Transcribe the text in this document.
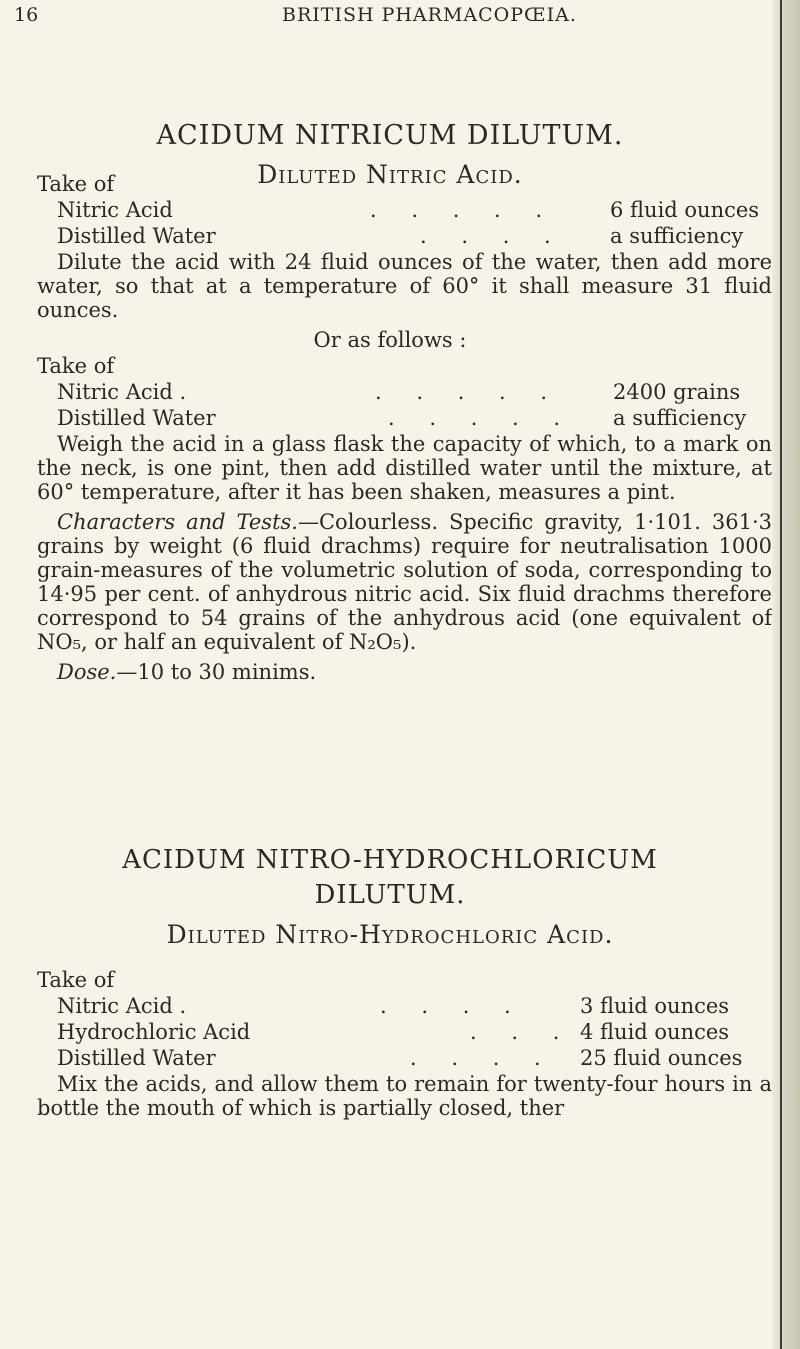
16	BRITISH PHARMACOPŒIA.
ACIDUM NITRICUM DILUTUM.
Diluted Nitric Acid.
Take of
Nitric Acid	. . . . .	6 fluid ounces
Distilled Water	. . . . a sufficiency
Dilute the acid with 24 fluid ounces of the water, then add more water, so that at a temperature of 60° it shall measure 31 fluid ounces.
Or as follows :
Take of
Nitric Acid .	. . . . . 2400 grains
Distilled Water	. . . . . a sufficiency
Weigh the acid in a glass flask the capacity of which, to a mark on the neck, is one pint, then add distilled water until the mixture, at 60° temperature, after it has been shaken, measures a pint.
Characters and Tests.—Colourless. Specific gravity, 1·101. 361·3 grains by weight (6 fluid drachms) require for neutralisation 1000 grain-measures of the volumetric solution of soda, corresponding to 14·95 per cent. of anhydrous nitric acid. Six fluid drachms therefore correspond to 54 grains of the anhydrous acid (one equivalent of NO₅, or half an equivalent of N₂O₅).
Dose.—10 to 30 minims.
ACIDUM NITRO-HYDROCHLORICUM
DILUTUM.
Diluted Nitro-Hydrochloric Acid.
Take of
Nitric Acid .	. . . .	3 fluid ounces
Hydrochloric Acid	. . . 4 fluid ounces
Distilled Water	. . . . 25 fluid ounces
Mix the acids, and allow them to remain for twenty-four hours in a bottle the mouth of which is partially closed, ther
